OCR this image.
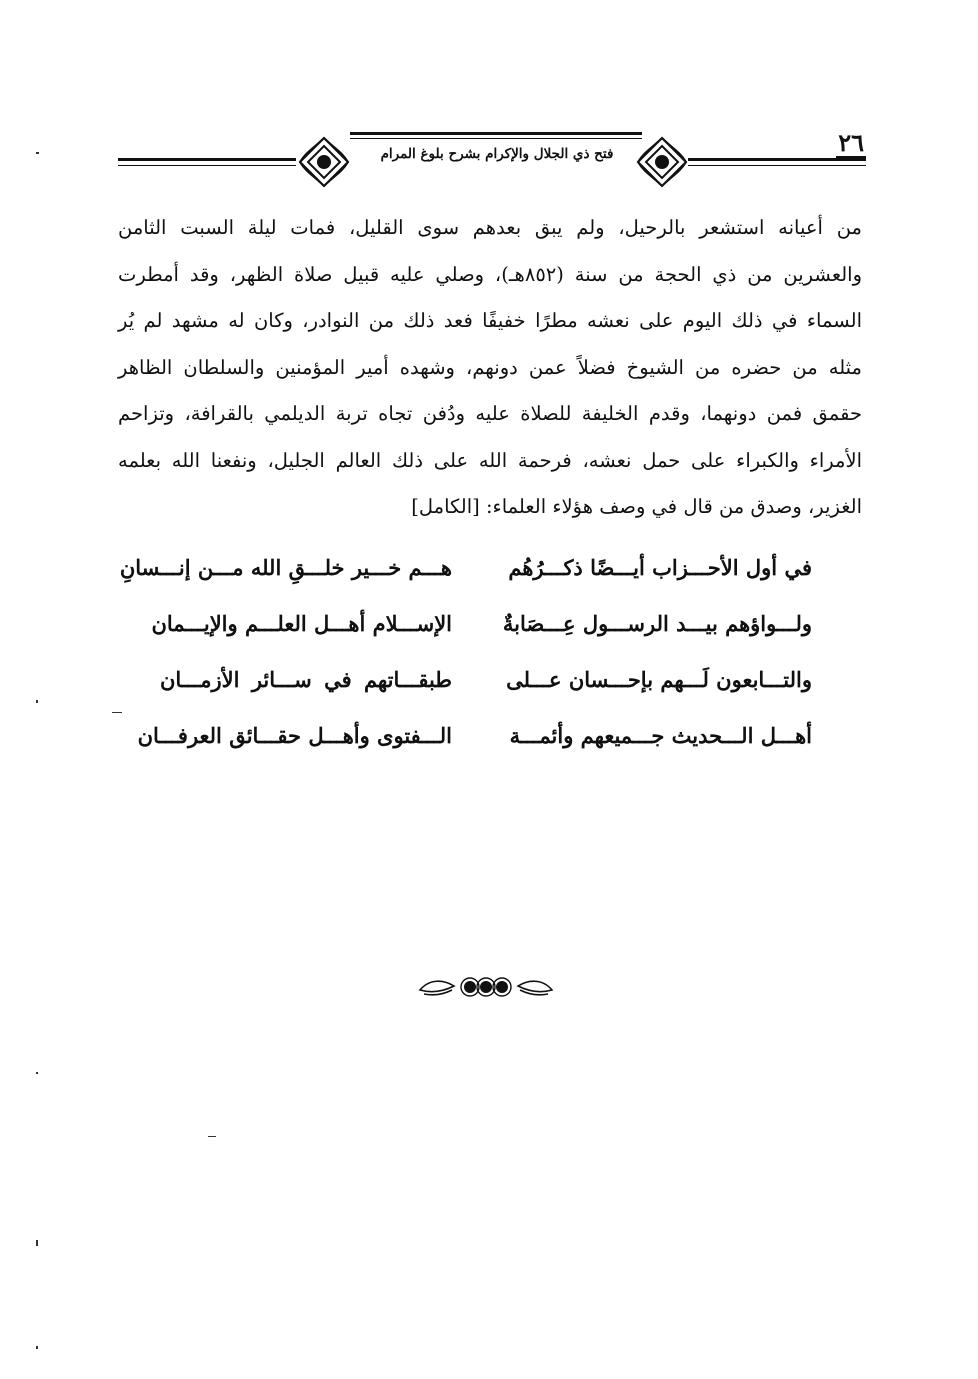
فتح ذي الجلال والإكرام بشرح بلوغ المرام	٢٦
من أعيانه استشعر بالرحيل، ولم يبق بعدهم سوى القليل، فمات ليلة السبت الثامن
والعشرين من ذي الحجة من سنة (٨٥٢هـ)، وصلي عليه قبيل صلاة الظهر، وقد أمطرت
السماء في ذلك اليوم على نعشه مطرًا خفيفًا فعد ذلك من النوادر، وكان له مشهد لم يُر
مثله من حضره من الشيوخ فضلاً عمن دونهم، وشهده أمير المؤمنين والسلطان الظاهر
حقمق فمن دونهما، وقدم الخليفة للصلاة عليه ودُفن تجاه تربة الديلمي بالقرافة، وتزاحم
الأمراء والكبراء على حمل نعشه، فرحمة الله على ذلك العالم الجليل، ونفعنا الله بعلمه
الغزير، وصدق من قال في وصف هؤلاء العلماء: [الكامل]
في أول الأحـــزاب أيـــضًا ذكـــرُهُم
هـــم خـــير خلـــقِ الله مـــن إنـــسانِ
ولـــواؤهم بيـــد الرســـول عِـــصَابةٌ
الإســـلام أهـــل العلـــم والإيـــمان
والتـــابعون لَـــهم بإحـــسان عـــلى
طبقـــاتهم في ســـائر الأزمـــان
أهـــل الـــحديث جـــميعهم وأئمـــة
الـــفتوى وأهـــل حقـــائق العرفـــان
